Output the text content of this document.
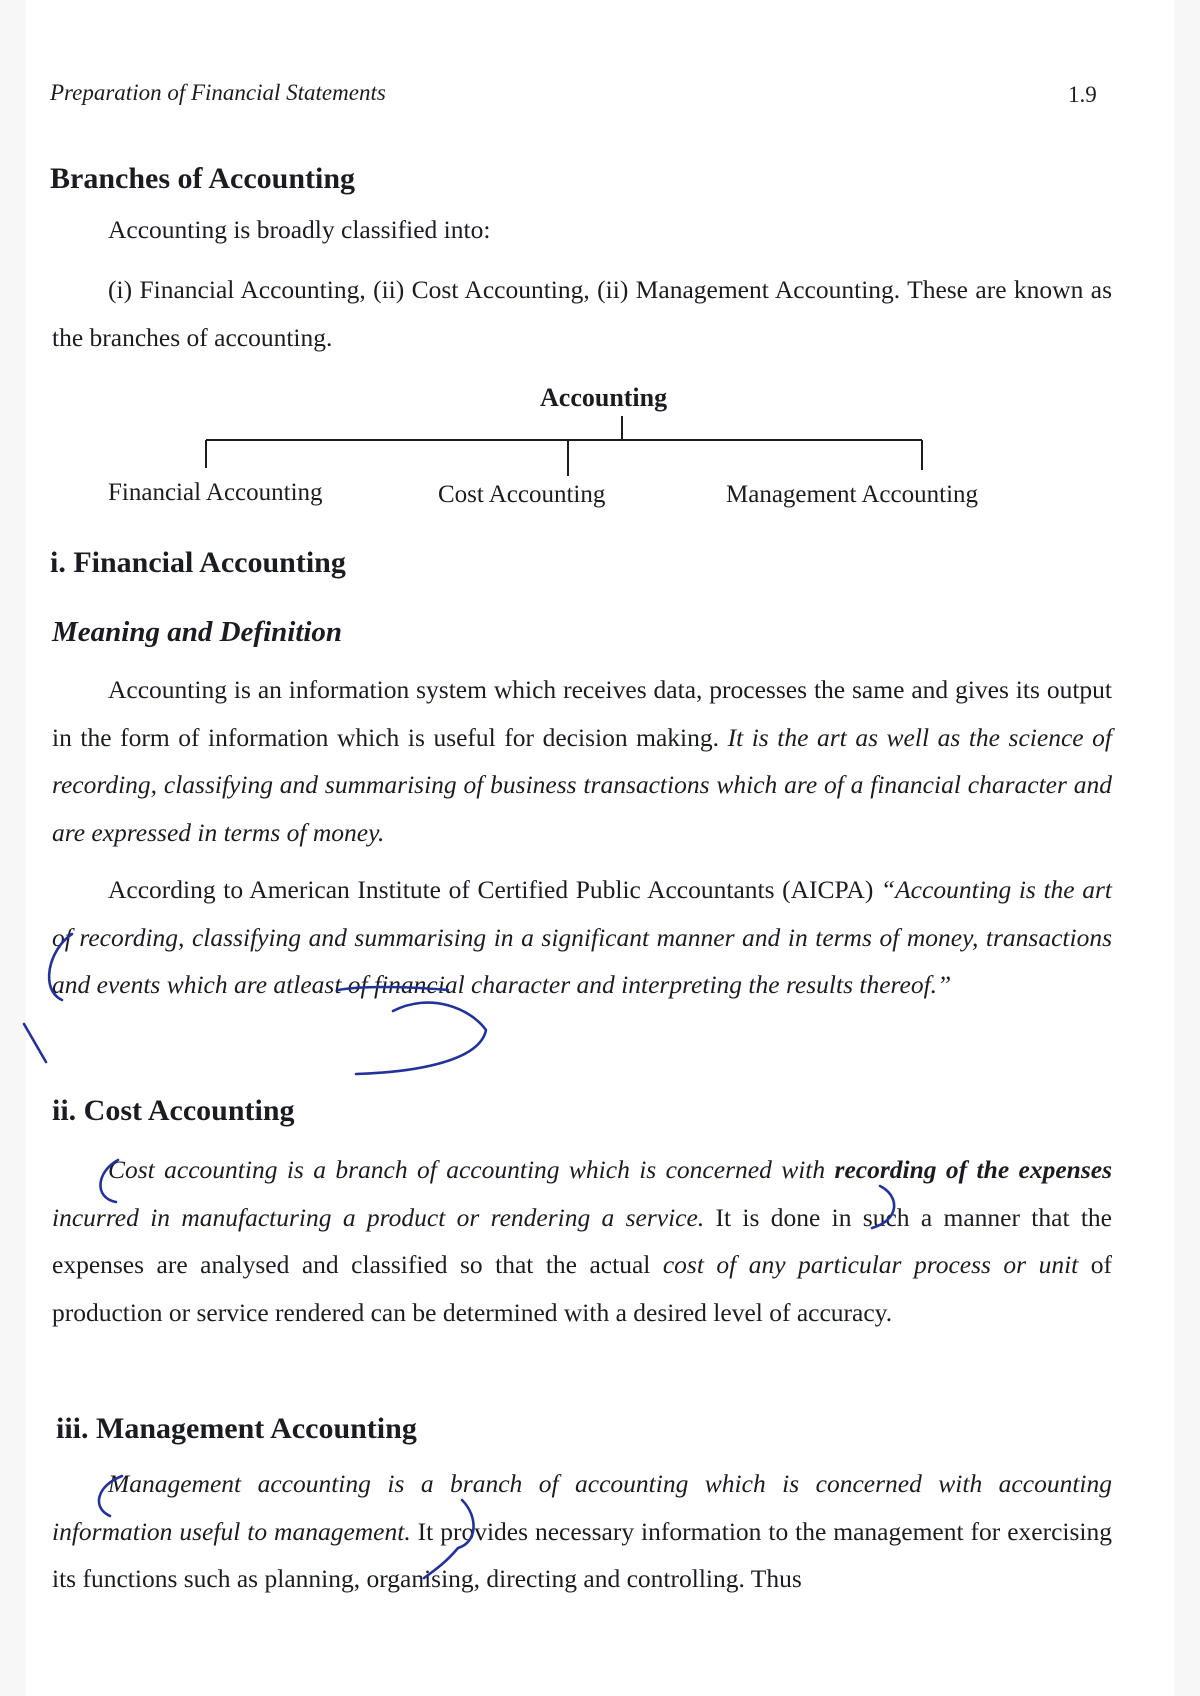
Preparation of Financial Statements	1.9
Branches of Accounting
Accounting is broadly classified into:
(i) Financial Accounting, (ii) Cost Accounting, (ii) Management Accounting. These are known as the branches of accounting.
Accounting
Financial Accounting	Cost Accounting	Management Accounting
i. Financial Accounting
Meaning and Definition
Accounting is an information system which receives data, processes the same and gives its output in the form of information which is useful for decision making. It is the art as well as the science of recording, classifying and summarising of business transactions which are of a financial character and are expressed in terms of money.
According to American Institute of Certified Public Accountants (AICPA) “Accounting is the art of recording, classifying and summarising in a significant manner and in terms of money, transactions and events which are atleast of financial character and interpreting the results thereof.”
ii. Cost Accounting
Cost accounting is a branch of accounting which is concerned with recording of the expenses incurred in manufacturing a product or rendering a service. It is done in such a manner that the expenses are analysed and classified so that the actual cost of any particular process or unit of production or service rendered can be determined with a desired level of accuracy.
iii. Management Accounting
Management accounting is a branch of accounting which is concerned with accounting information useful to management. It provides necessary information to the management for exercising its functions such as planning, organising, directing and controlling. Thus
